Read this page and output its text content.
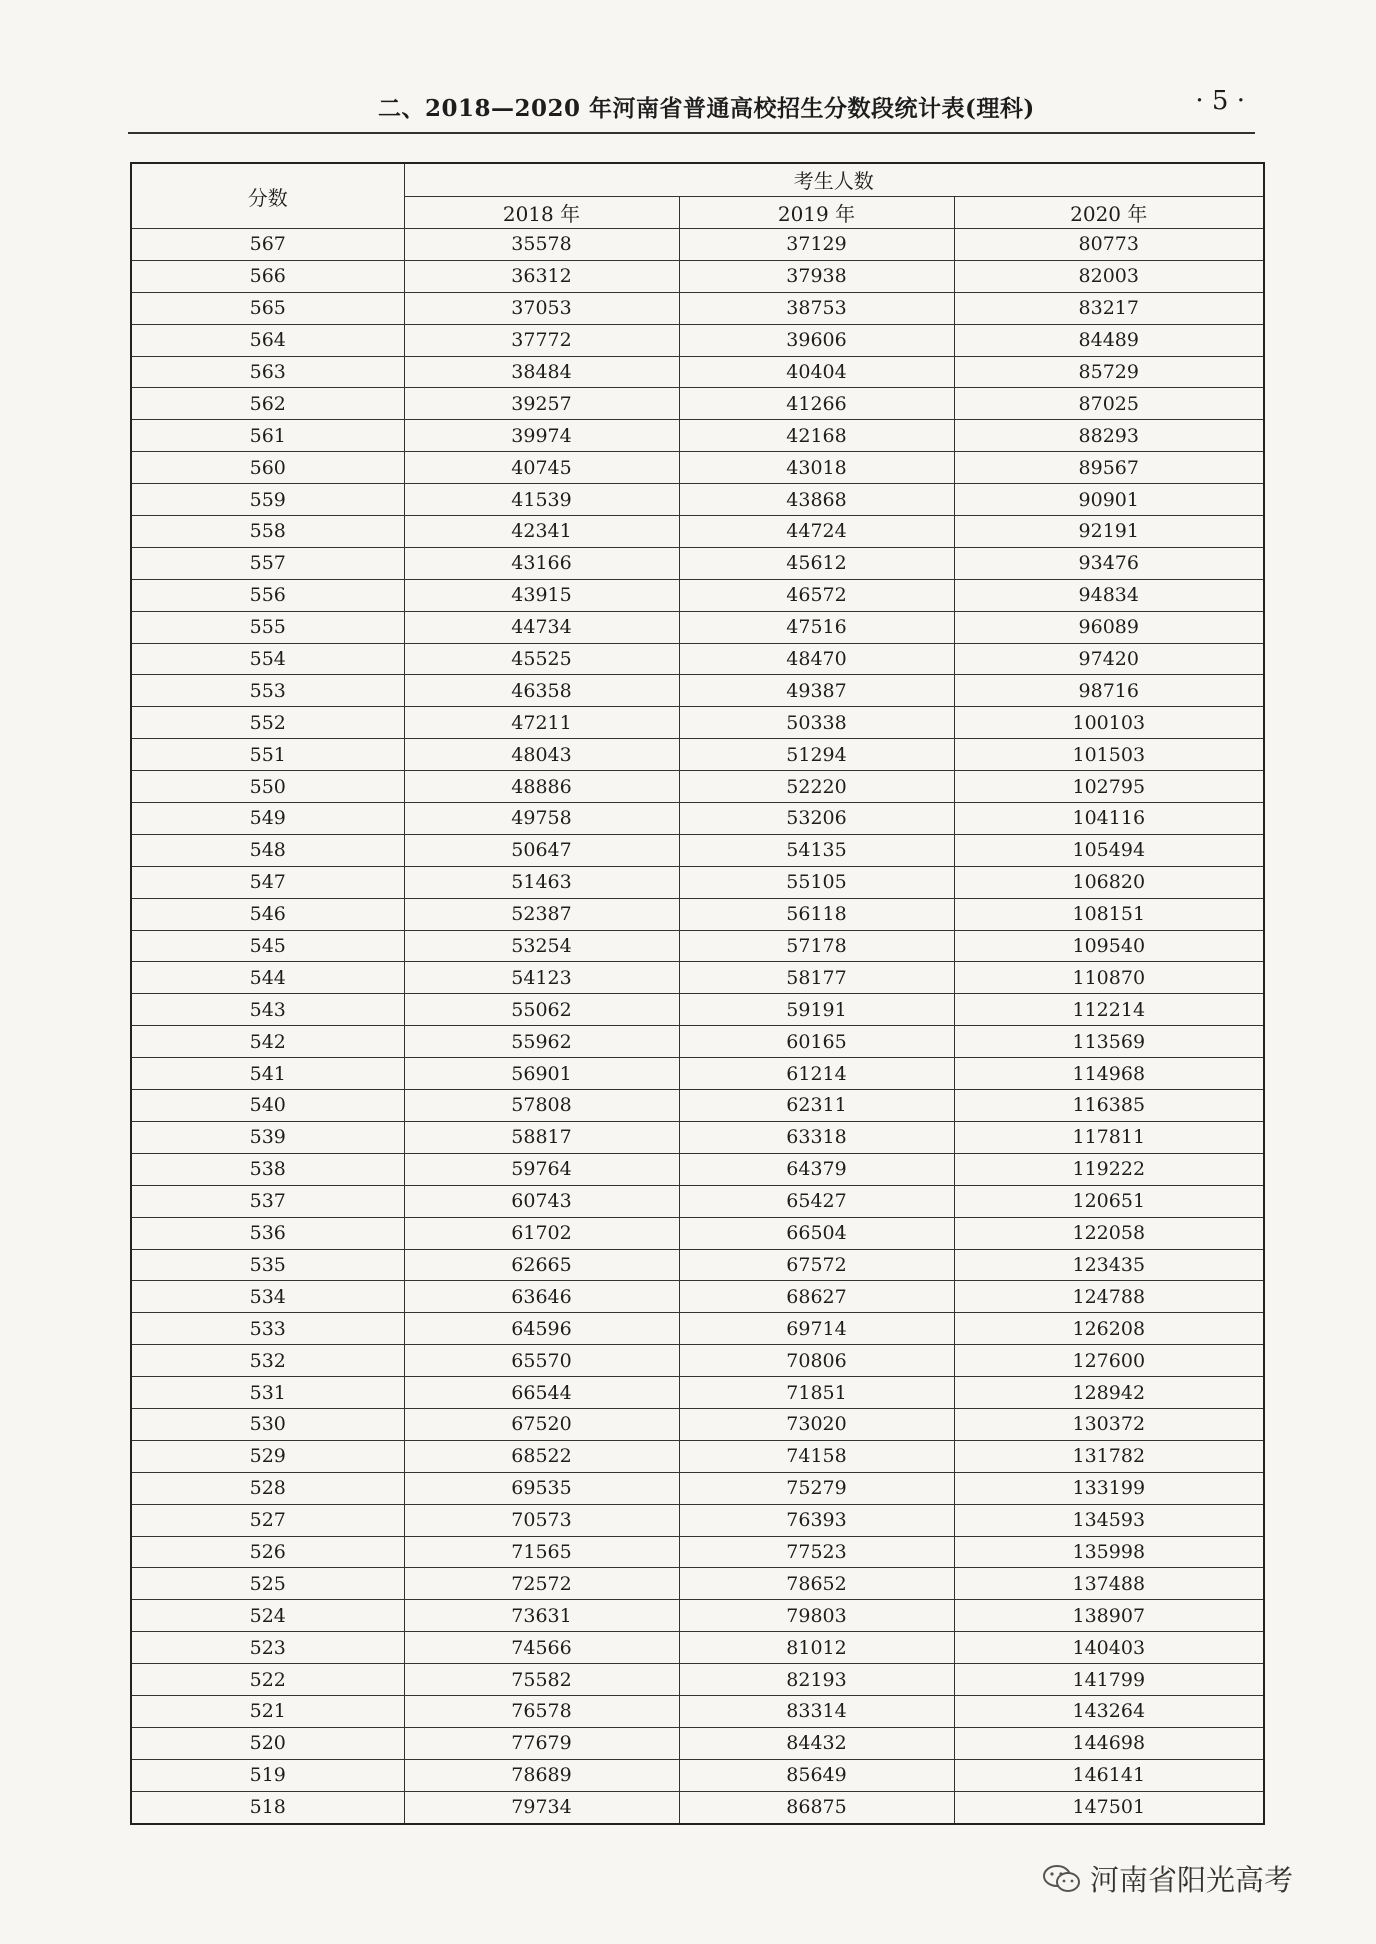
二、2018—2020 年河南省普通高校招生分数段统计表(理科)	· 5 ·
分数	考生人数		
	2018 年	2019 年	2020 年
567	35578	37129	80773
566	36312	37938	82003
565	37053	38753	83217
564	37772	39606	84489
563	38484	40404	85729
562	39257	41266	87025
561	39974	42168	88293
560	40745	43018	89567
559	41539	43868	90901
558	42341	44724	92191
557	43166	45612	93476
556	43915	46572	94834
555	44734	47516	96089
554	45525	48470	97420
553	46358	49387	98716
552	47211	50338	100103
551	48043	51294	101503
550	48886	52220	102795
549	49758	53206	104116
548	50647	54135	105494
547	51463	55105	106820
546	52387	56118	108151
545	53254	57178	109540
544	54123	58177	110870
543	55062	59191	112214
542	55962	60165	113569
541	56901	61214	114968
540	57808	62311	116385
539	58817	63318	117811
538	59764	64379	119222
537	60743	65427	120651
536	61702	66504	122058
535	62665	67572	123435
534	63646	68627	124788
533	64596	69714	126208
532	65570	70806	127600
531	66544	71851	128942
530	67520	73020	130372
529	68522	74158	131782
528	69535	75279	133199
527	70573	76393	134593
526	71565	77523	135998
525	72572	78652	137488
524	73631	79803	138907
523	74566	81012	140403
522	75582	82193	141799
521	76578	83314	143264
520	77679	84432	144698
519	78689	85649	146141
518	79734	86875	147501
河南省阳光高考
